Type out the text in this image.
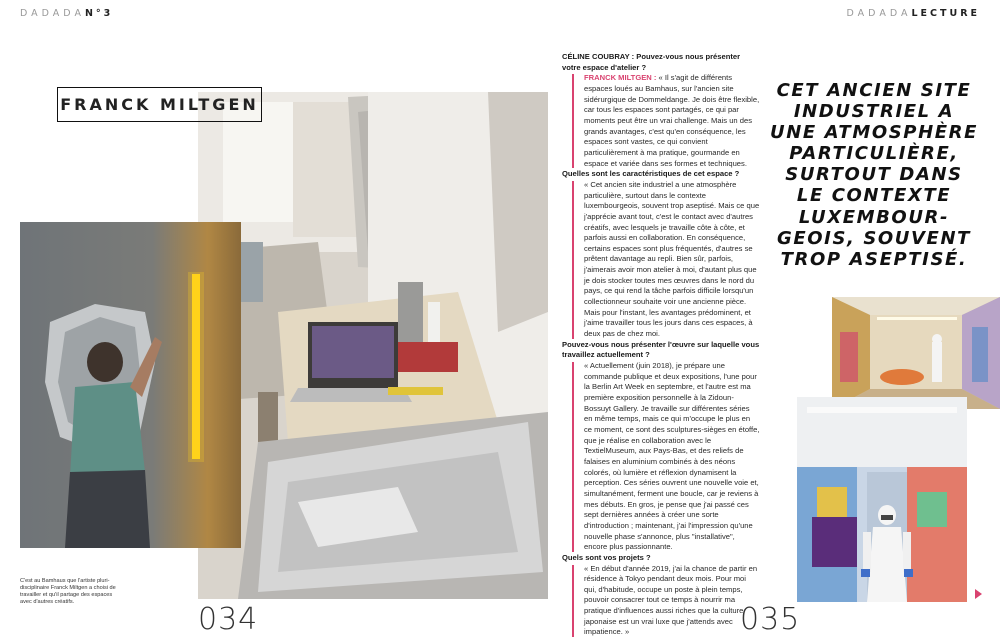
DADADAN°3	DADADALECTURE
FRANCK MILTGEN
C'est au Bamhaus que l'artiste pluri-disciplinaire Franck Miltgen a choisi de travailler et qu'il partage des espaces avec d'autres créatifs.

CÉLINE COUBRAY : Pouvez-vous nous présenter votre espace d'atelier ?

FRANCK MILTGEN : « Il s'agit de différents espaces loués au Bamhaus, sur l'ancien site sidérurgique de Dommeldange. Je dois être flexible, car tous les espaces sont partagés, ce qui par moments peut être un vrai challenge. Mais un des grands avantages, c'est qu'en conséquence, les espaces sont vastes, ce qui convient particulièrement à ma pratique, gourmande en espace et variée dans ses formes et techniques.

Quelles sont les caractéristiques de cet espace ?

« Cet ancien site industriel a une atmosphère particulière, surtout dans le contexte luxembourgeois, souvent trop aseptisé. Mais ce que j'apprécie avant tout, c'est le contact avec d'autres créatifs, avec lesquels je travaille côte à côte, et parfois aussi en collaboration. En conséquence, certains espaces sont plus fréquentés, d'autres se prêtent davantage au repli. Bien sûr, parfois, j'aimerais avoir mon atelier à moi, d'autant plus que je dois stocker toutes mes œuvres dans le nord du pays, ce qui rend la tâche parfois difficile lorsqu'un collectionneur souhaite voir une ancienne pièce. Mais pour l'instant, les avantages prédominent, et j'aime travailler tous les jours dans ces espaces, à deux pas de chez moi.

Pouvez-vous nous présenter l'œuvre sur laquelle vous travaillez actuellement ?

« Actuellement (juin 2018), je prépare une commande publique et deux expositions, l'une pour la Berlin Art Week en septembre, et l'autre est ma première exposition personnelle à la Zidoun-Bossuyt Gallery. Je travaille sur différentes séries en même temps, mais ce qui m'occupe le plus en ce moment, ce sont des sculptures-sièges en étoffe, que je réalise en collaboration avec le TextielMuseum, aux Pays-Bas, et des reliefs de falaises en aluminium combinés à des néons colorés, où lumière et réflexion dynamisent la perception. Ces séries ouvrent une nouvelle voie et, simultanément, ferment une boucle, car je reviens à mes débuts. En gros, je pense que j'ai passé ces sept dernières années à créer une sorte d'introduction ; maintenant, j'ai l'impression qu'une nouvelle phase s'annonce, plus "installative", encore plus passionnante.

Quels sont vos projets ?

« En début d'année 2019, j'ai la chance de partir en résidence à Tokyo pendant deux mois. Pour moi qui, d'habitude, occupe un poste à plein temps, pouvoir consacrer tout ce temps à nourrir ma pratique d'influences aussi riches que la culture japonaise est un vrai luxe que j'attends avec impatience. »

CET ANCIEN SITE INDUSTRIEL A UNE ATMOSPHÈRE PARTICULIÈRE, SURTOUT DANS LE CONTEXTE LUXEMBOUR-GEOIS, SOUVENT TROP ASEPTISÉ.
034	035
